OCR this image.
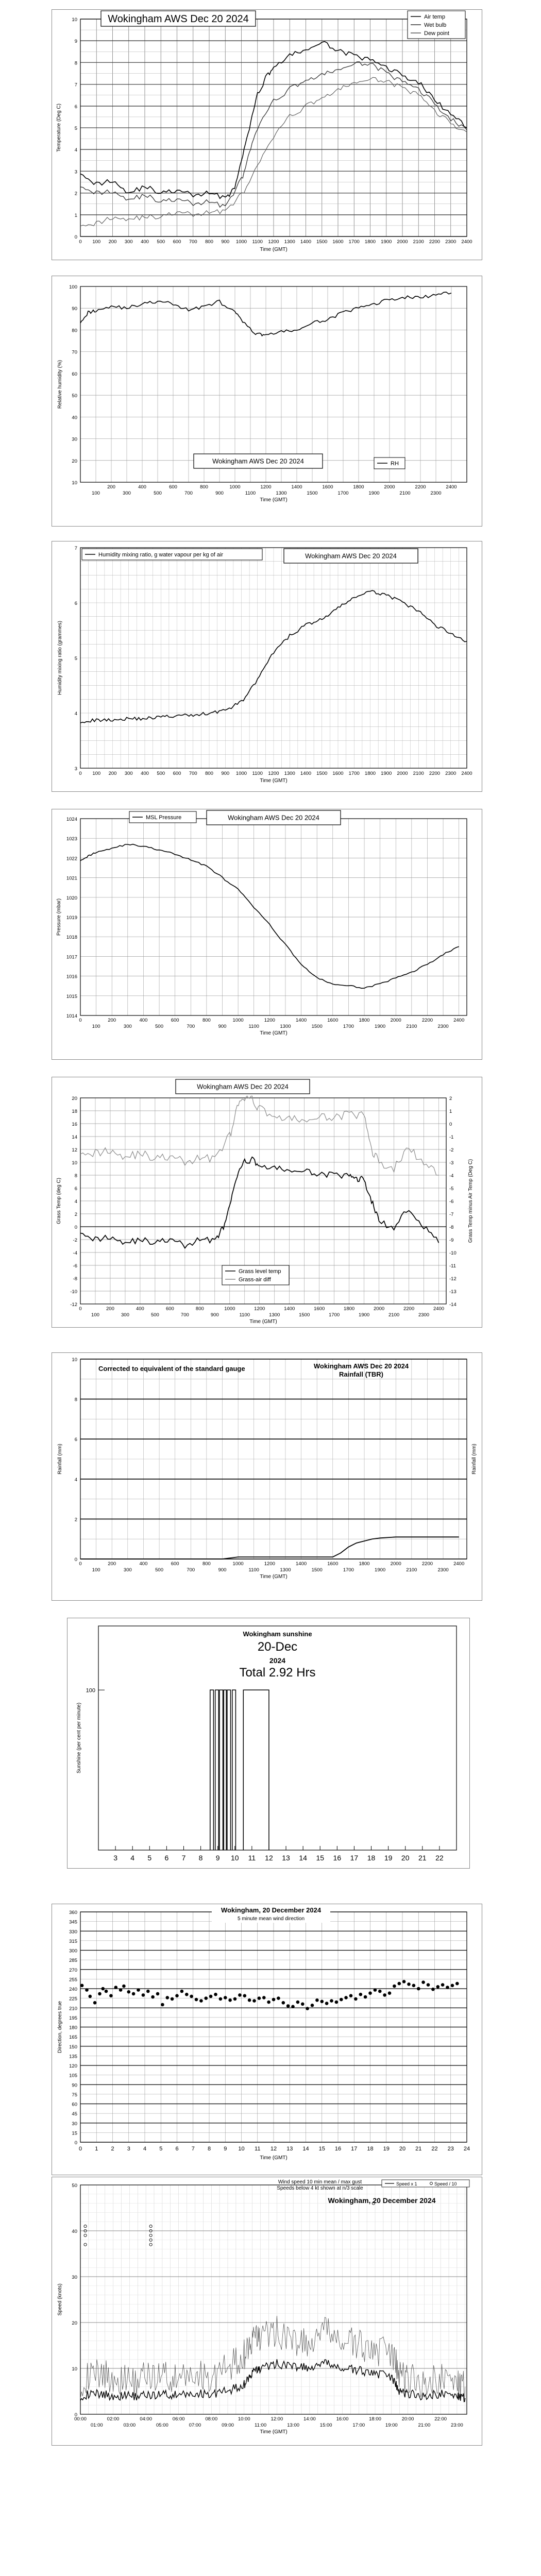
0 100 200 300 400 500 600 700 800 900 1000 1100 1200 1300 1400 1500 1600 1700 1800 1900 2000 2100 2200 2300 2400
0
1
2
3
4
5
6
7
8
9
10	Wokingham AWS Dec 20 2024	Air temp
Wet bulb
Dew point
Time (GMT)
Temperature (Deg C)
10
20
30
40
50
60
70
80
90
100
200	400	600	800	1000	1200	1400	1600	1800	2000	2200	2400
100	300	500	700	900	1100	1300	1500	1700	1900	2100	2300
Wokingham AWS Dec 20 2024	RH
Time (GMT)
Relative humidity (%)
3
4
5
6
7
0 100 200 300 400 500 600 700 800 900 1000 1100 1200 1300 1400 1500 1600 1700 1800 1900 2000 2100 2200 2300 2400
Humidity mixing ratio, g water vapour per kg of air	Wokingham AWS Dec 20 2024
Time (GMT)
Humidity mixing ratio (grammes)
1014
1015
1016
1017
1018
1019
1020
1021
1022
1023
1024
0	200	400	600	800	1000	1200	1400	1600	1800	2000	2200	2400
100	300	500	700	900	1100	1300	1500	1700	1900	2100	2300
MSL Pressure	Wokingham AWS Dec 20 2024
Time (GMT)
Pressure (mbar)
-12
-10
-8
-6
-4
-2
0
2
4
6
8
10
12
14
16
18
20
-14
-13
-12
-11
-10
-9
-8
-7
-6
-5
-4
-3
-2
-1
0
1
2
0	200	400	600	800	1000	1200	1400	1600	1800	2000	2200	2400
100	300	500	700	900	1100	1300	1500	1700	1900	2100	2300
Wokingham AWS Dec 20 2024
Grass level temp
Grass-air diff
Time (GMT)
Grass Temp (deg C)	Grass Temp minus Air Temp (Deg C)
0
2
4
6
8
10
0	200	400	600	800	1000	1200	1400	1600	1800	2000	2200	2400
100	300	500	700	900	1100	1300	1500	1700	1900	2100	2300
Corrected to equivalent of the standard gauge	Wokingham AWS Dec 20 2024
Rainfall (TBR)
Time (GMT)
Rainfall (mm)	Rainfall (mm)
100
3 4 5 6 7 8 9 10 11 12 13 14 15 16 17 18 19 20 21 22
Wokingham sunshine
20-Dec
2024
Total 2.92 Hrs
Sunshine (per cent per minute)
0
15
30
45
60
75
90
105
120
135
150
165
180
195
210
225
240
255
270
285
300
315
330
345
360
0 1 2 3 4 5 6 7 8 9 10 11 12 13 14 15 16 17 18 19 20 21 22 23 24
Wokingham, 20 December 2024
5 minute mean wind direction
Time (GMT)
Direction, degrees true
0
10
20
30
40
50
00:00	02:00	04:00	06:00	08:00	10:00	12:00	14:00	16:00	18:00	20:00	22:00
01:00	03:00	05:00	07:00	09:00	11:00	13:00	15:00	17:00	19:00	21:00	23:00
Wind speed 10 min mean / max gust
Speeds below 4 kt shown at n/3 scale
Speed x 1	Speed / 10
Wokingham, 20 December 2024
Time (GMT)
Speed (knots)
